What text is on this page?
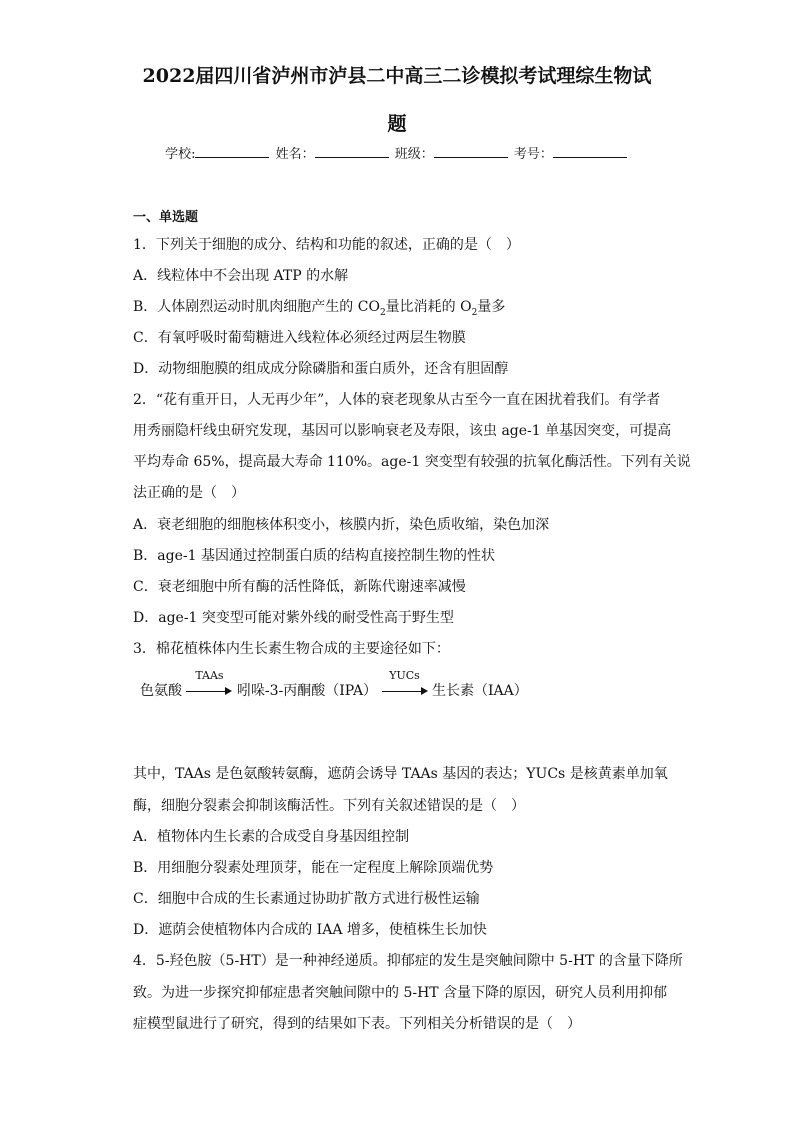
2022届四川省泸州市泸县二中高三二诊模拟考试理综生物试
题
学校:	姓名：	班级：	考号：
一、单选题
1．下列关于细胞的成分、结构和功能的叙述，正确的是（　）
A．线粒体中不会出现 ATP 的水解
B．人体剧烈运动时肌肉细胞产生的 $CO_2$量比消耗的 $O_2$量多
C．有氧呼吸时葡萄糖进入线粒体必须经过两层生物膜
D．动物细胞膜的组成成分除磷脂和蛋白质外，还含有胆固醇
2．“花有重开日，人无再少年”，人体的衰老现象从古至今一直在困扰着我们。有学者
用秀丽隐杆线虫研究发现，基因可以影响衰老及寿限，该虫 age-1 单基因突变，可提高
平均寿命 65%，提高最大寿命 110%。age-1 突变型有较强的抗氧化酶活性。下列有关说
法正确的是（　）
A．衰老细胞的细胞核体积变小，核膜内折，染色质收缩，染色加深
B．age-1 基因通过控制蛋白质的结构直接控制生物的性状
C．衰老细胞中所有酶的活性降低，新陈代谢速率减慢
D．age-1 突变型可能对紫外线的耐受性高于野生型
3．棉花植株体内生长素生物合成的主要途径如下：
色氨酸
TAAs
吲哚-3-丙酮酸（IPA）
YUCs
生长素（IAA）
其中，TAAs 是色氨酸转氨酶，遮荫会诱导 TAAs 基因的表达；YUCs 是核黄素单加氧
酶，细胞分裂素会抑制该酶活性。下列有关叙述错误的是（　）
A．植物体内生长素的合成受自身基因组控制
B．用细胞分裂素处理顶芽，能在一定程度上解除顶端优势
C．细胞中合成的生长素通过协助扩散方式进行极性运输
D．遮荫会使植物体内合成的 IAA 增多，使植株生长加快
4．5-羟色胺（5-HT）是一种神经递质。抑郁症的发生是突触间隙中 5-HT 的含量下降所
致。为进一步探究抑郁症患者突触间隙中的 5-HT 含量下降的原因，研究人员利用抑郁
症模型鼠进行了研究，得到的结果如下表。下列相关分析错误的是（　）
